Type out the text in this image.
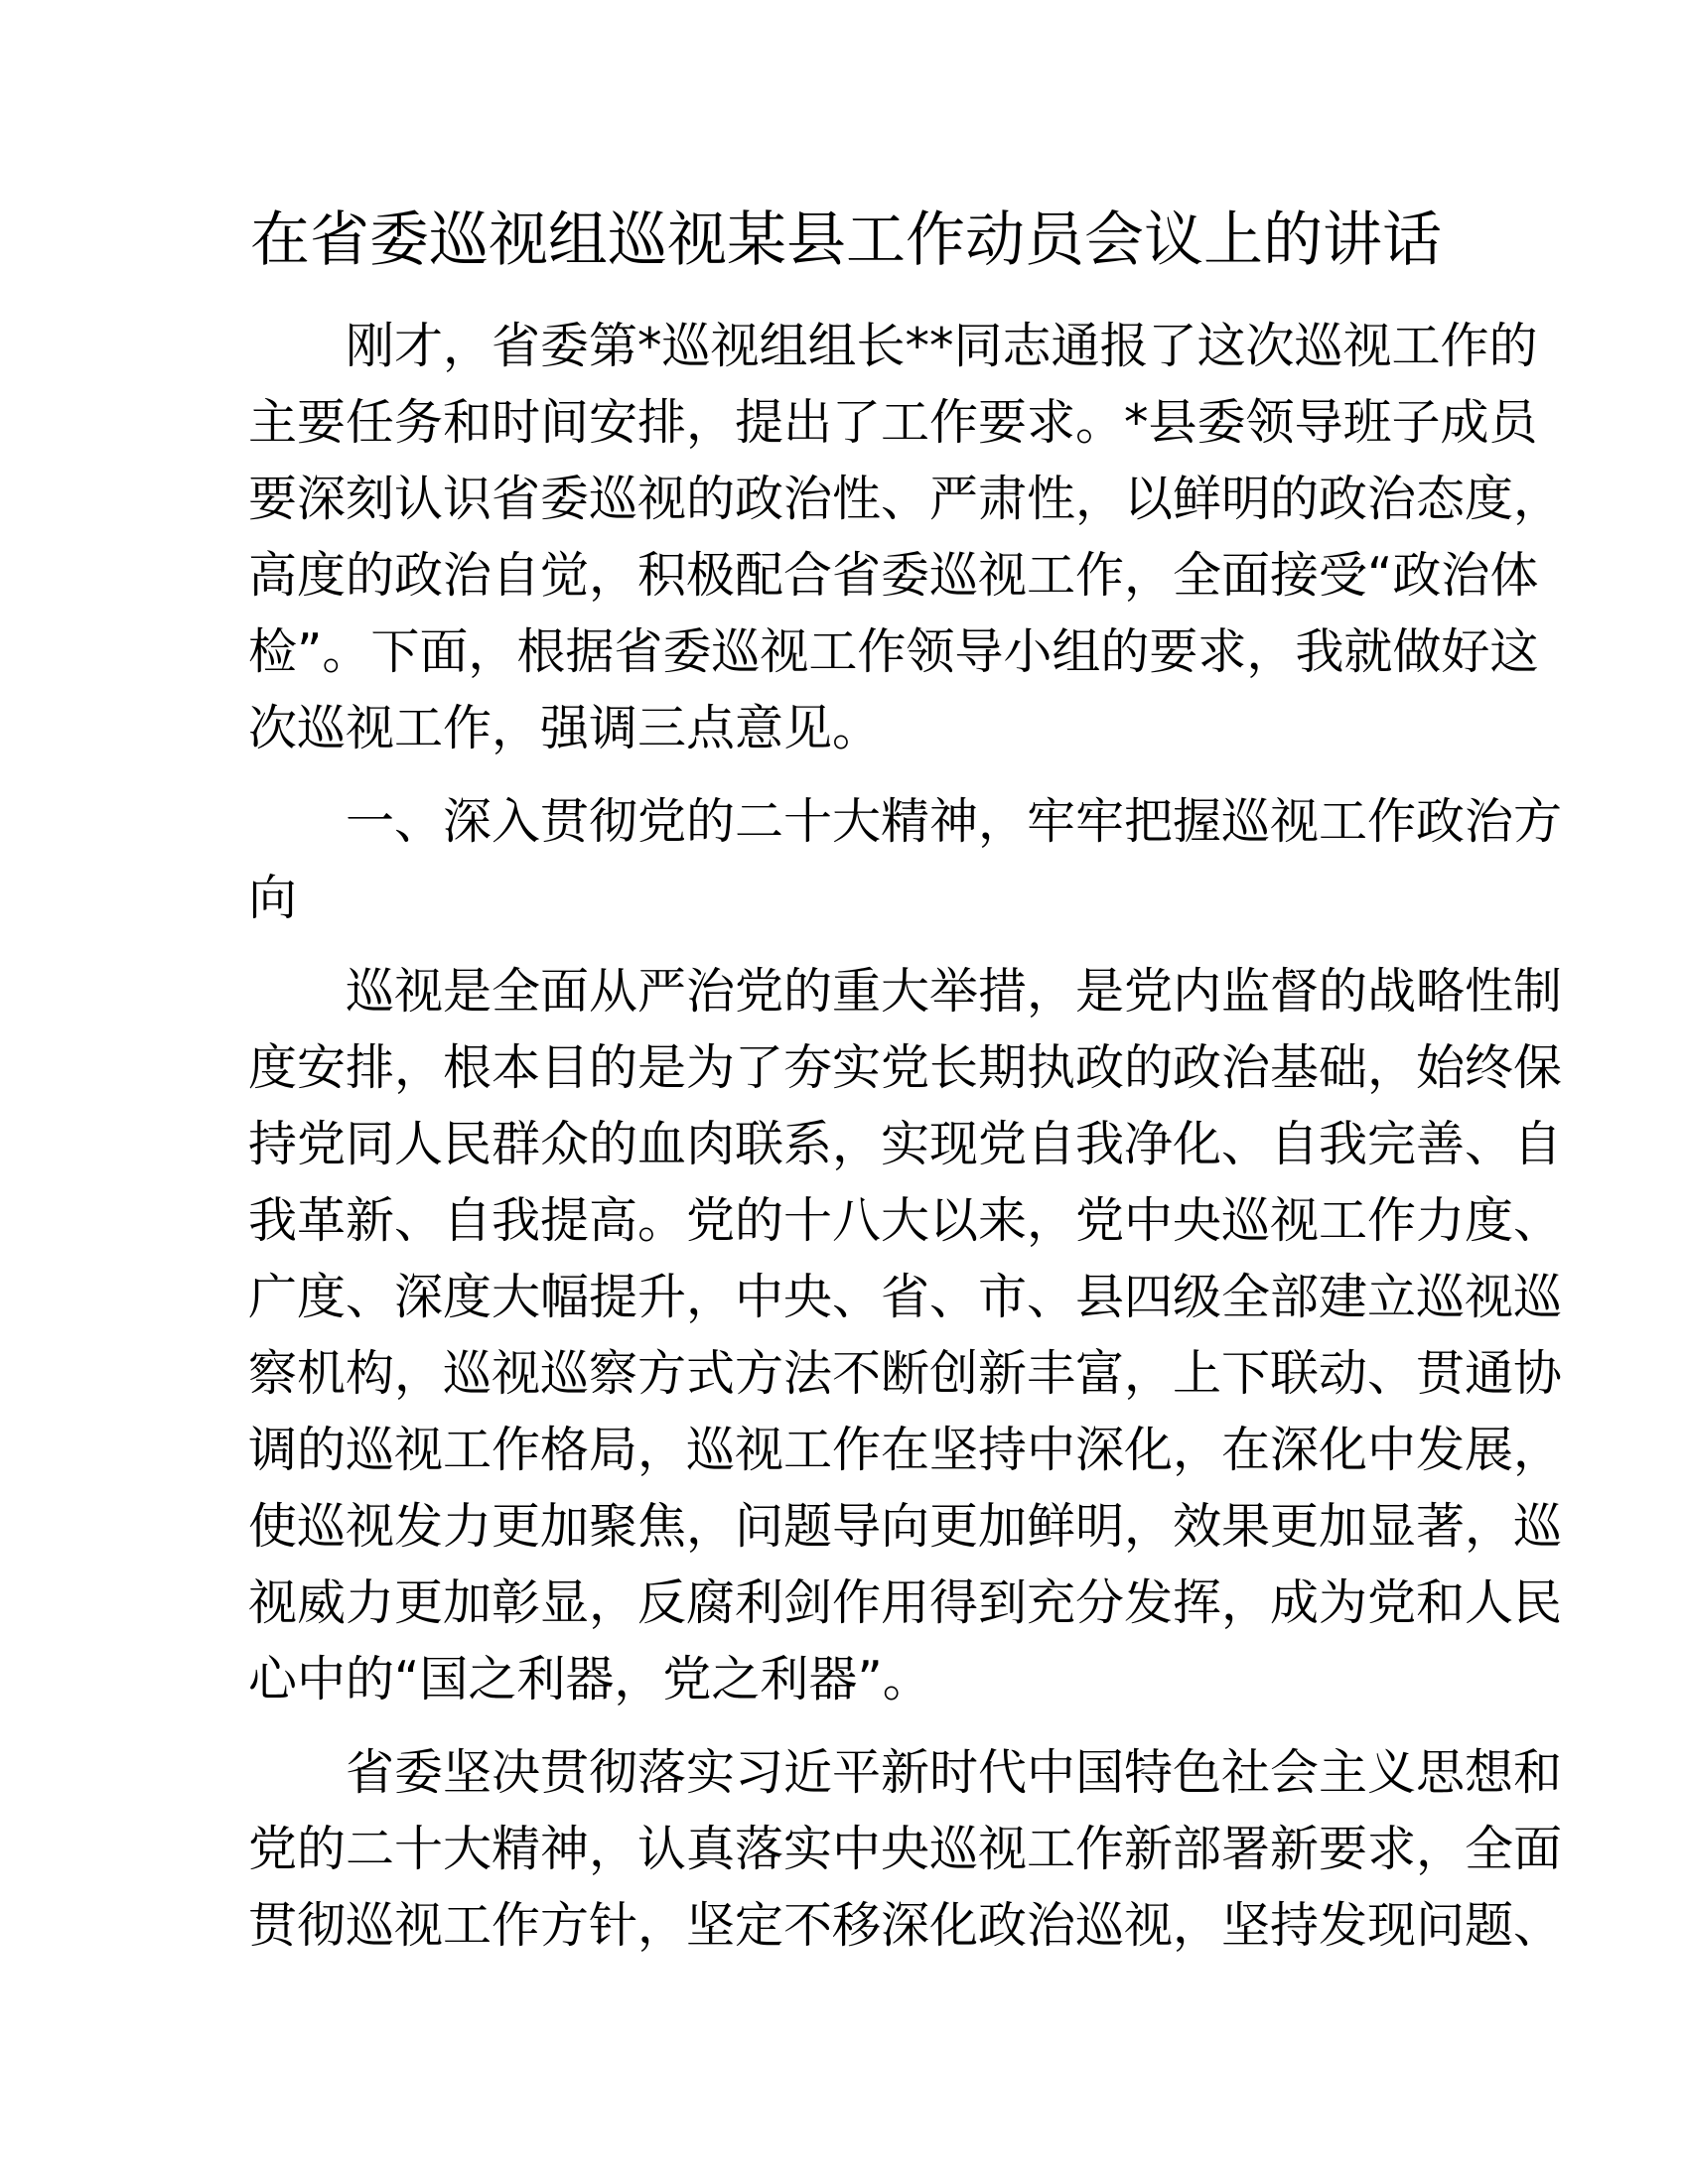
在省委巡视组巡视某县工作动员会议上的讲话

刚才，省委第*巡视组组长**同志通报了这次巡视工作的
主要任务和时间安排，提出了工作要求。*县委领导班子成员
要深刻认识省委巡视的政治性、严肃性，以鲜明的政治态度，
高度的政治自觉，积极配合省委巡视工作，全面接受“政治体
检”。下面，根据省委巡视工作领导小组的要求，我就做好这
次巡视工作，强调三点意见。

一、深入贯彻党的二十大精神，牢牢把握巡视工作政治方
向

巡视是全面从严治党的重大举措，是党内监督的战略性制
度安排，根本目的是为了夯实党长期执政的政治基础，始终保
持党同人民群众的血肉联系，实现党自我净化、自我完善、自
我革新、自我提高。党的十八大以来，党中央巡视工作力度、
广度、深度大幅提升，中央、省、市、县四级全部建立巡视巡
察机构，巡视巡察方式方法不断创新丰富，上下联动、贯通协
调的巡视工作格局，巡视工作在坚持中深化，在深化中发展，
使巡视发力更加聚焦，问题导向更加鲜明，效果更加显著，巡
视威力更加彰显，反腐利剑作用得到充分发挥，成为党和人民
心中的“国之利器，党之利器”。

省委坚决贯彻落实习近平新时代中国特色社会主义思想和
党的二十大精神，认真落实中央巡视工作新部署新要求，全面
贯彻巡视工作方针，坚定不移深化政治巡视，坚持发现问题、
